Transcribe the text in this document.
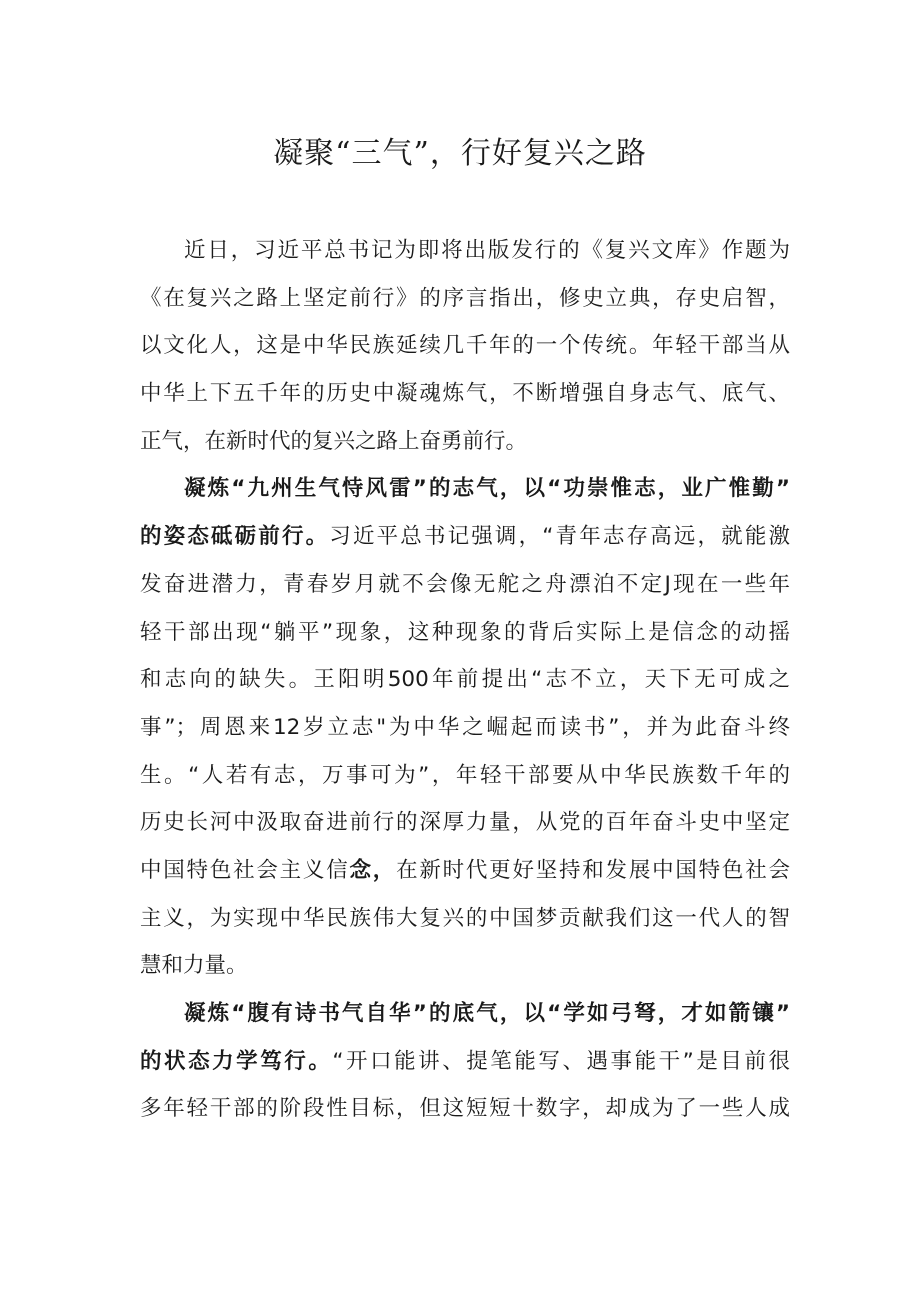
凝聚“三气”，行好复兴之路
近日，习近平总书记为即将出版发行的《复兴文库》作题为
《在复兴之路上坚定前行》的序言指出，修史立典，存史启智，
以文化人，这是中华民族延续几千年的一个传统。年轻干部当从
中华上下五千年的历史中凝魂炼气，不断增强自身志气、底气、
正气，在新时代的复兴之路上奋勇前行。
凝炼“九州生气恃风雷”的志气，以“功崇惟志，业广惟勤”
的姿态砥砺前行。习近平总书记强调，“青年志存高远，就能激
发奋进潜力，青春岁月就不会像无舵之舟漂泊不定J现在一些年
轻干部出现“躺平”现象，这种现象的背后实际上是信念的动摇
和志向的缺失。王阳明500年前提出“志不立，天下无可成之
事”；周恩来12岁立志"为中华之崛起而读书”，并为此奋斗终
生。“人若有志，万事可为”，年轻干部要从中华民族数千年的
历史长河中汲取奋进前行的深厚力量，从党的百年奋斗史中坚定
中国特色社会主义信念，在新时代更好坚持和发展中国特色社会
主义，为实现中华民族伟大复兴的中国梦贡献我们这一代人的智
慧和力量。
凝炼“腹有诗书气自华”的底气，以“学如弓弩，才如箭镶”
的状态力学笃行。“开口能讲、提笔能写、遇事能干”是目前很
多年轻干部的阶段性目标，但这短短十数字，却成为了一些人成
